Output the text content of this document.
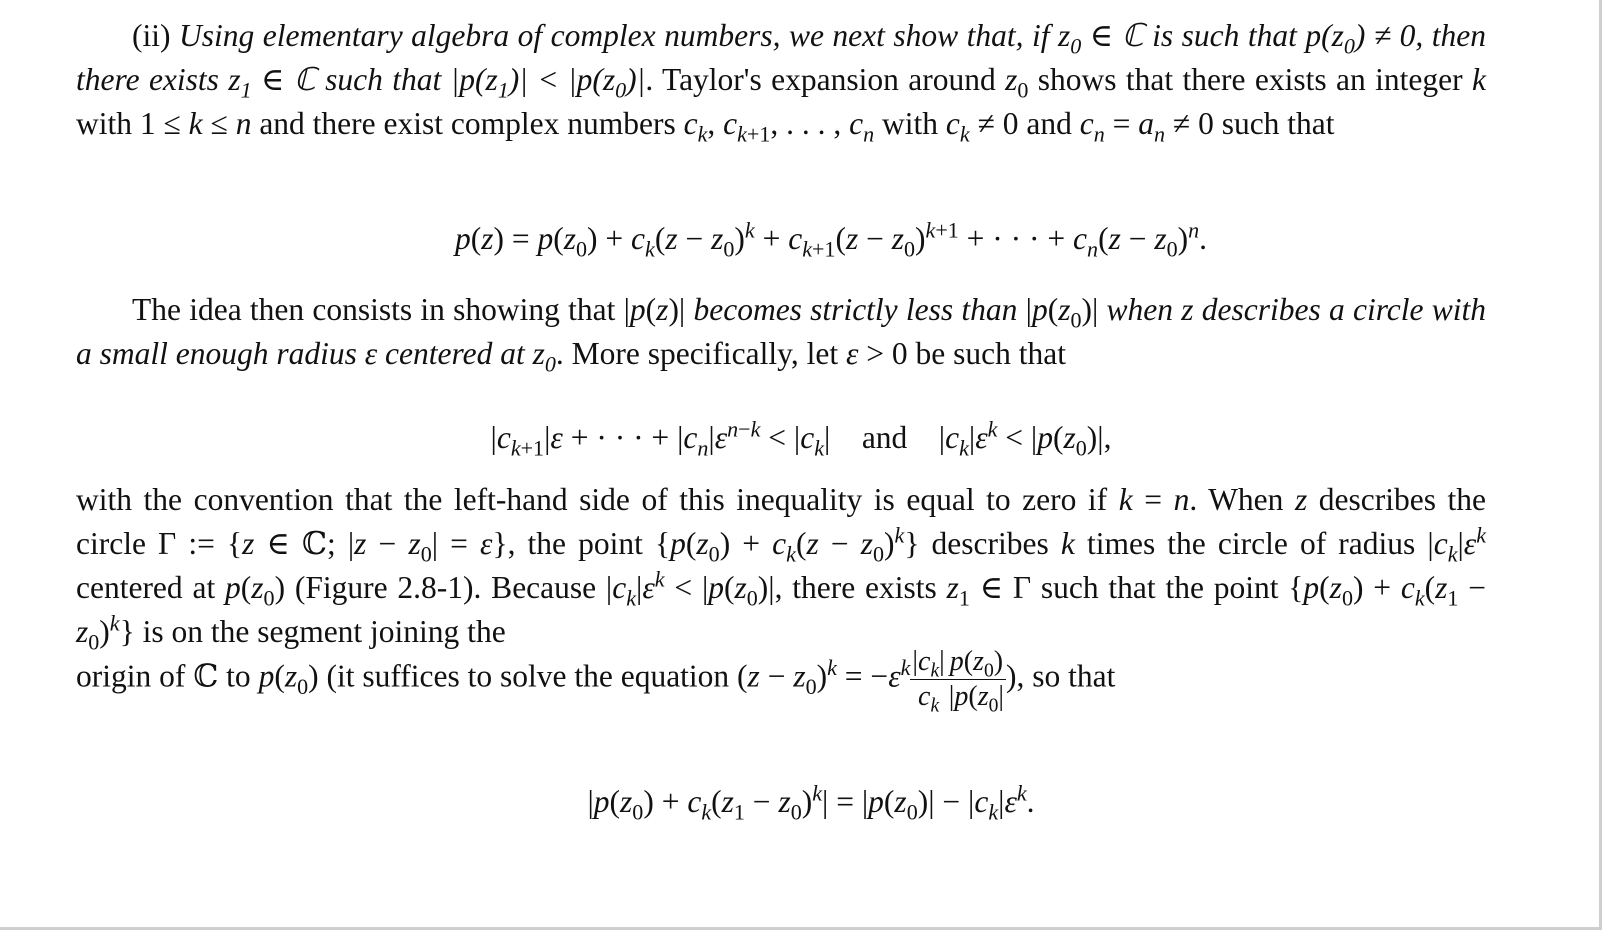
(ii) Using elementary algebra of complex numbers, we next show that, if $z_0$ ∈ ℂ is such that $p(z_0) \ne 0$, then there exists $z_1$ ∈ ℂ such that $|p(z_1)| < |p(z_0)|$. Taylor's expansion around $z_0$ shows that there exists an integer k with 1 ≤ k ≤ n and there exist complex numbers $c_k$, $c_{k+1}$, . . . , $c_n$ with $c_k \ne 0$ and $c_n = a_n \ne 0$ such that
$p(z) = p(z_0) + c_k(z - z_0)^k + c_{k+1}(z - z_0)^{k+1}$ + · · · + $c_n(z - z_0)^n$.
The idea then consists in showing that |p(z)| becomes strictly less than $|p(z_0)|$ when z describes a circle with a small enough radius ε centered at $z_0$. More specifically, let ε > 0 be such that
$|c_{k+1}|\varepsilon$ + · · · + $|c_n|\varepsilon^{n-k} < |c_k|$    and    $|c_k|\varepsilon^k < |p(z_0)|$,
with the convention that the left-hand side of this inequality is equal to zero if k = n. When z describes the circle Γ := {z ∈ ℂ; $|z - z_0| = \varepsilon$}, the point $\{p(z_0) + c_k(z - z_0)^k\}$ describes k times the circle of radius $|c_k|\varepsilon^k$ centered at $p(z_0)$ (Figure 2.8-1). Because $|c_k|\varepsilon^k < |p(z_0)|$, there exists $z_1$ ∈ Γ such that the point $\{p(z_0) + c_k(z_1 - z_0)^k\}$ is on the segment joining the
origin of ℂ to $p(z_0)$ (it suffices to solve the equation $(z - z_0)^k = -\varepsilon^k \frac{|c_k|}{c_k} \frac{p(z_0)}{|p(z_0|}$ ), so that
$|p(z_0) + c_k(z_1 - z_0)^k| = |p(z_0)| - |c_k|\varepsilon^k$.
